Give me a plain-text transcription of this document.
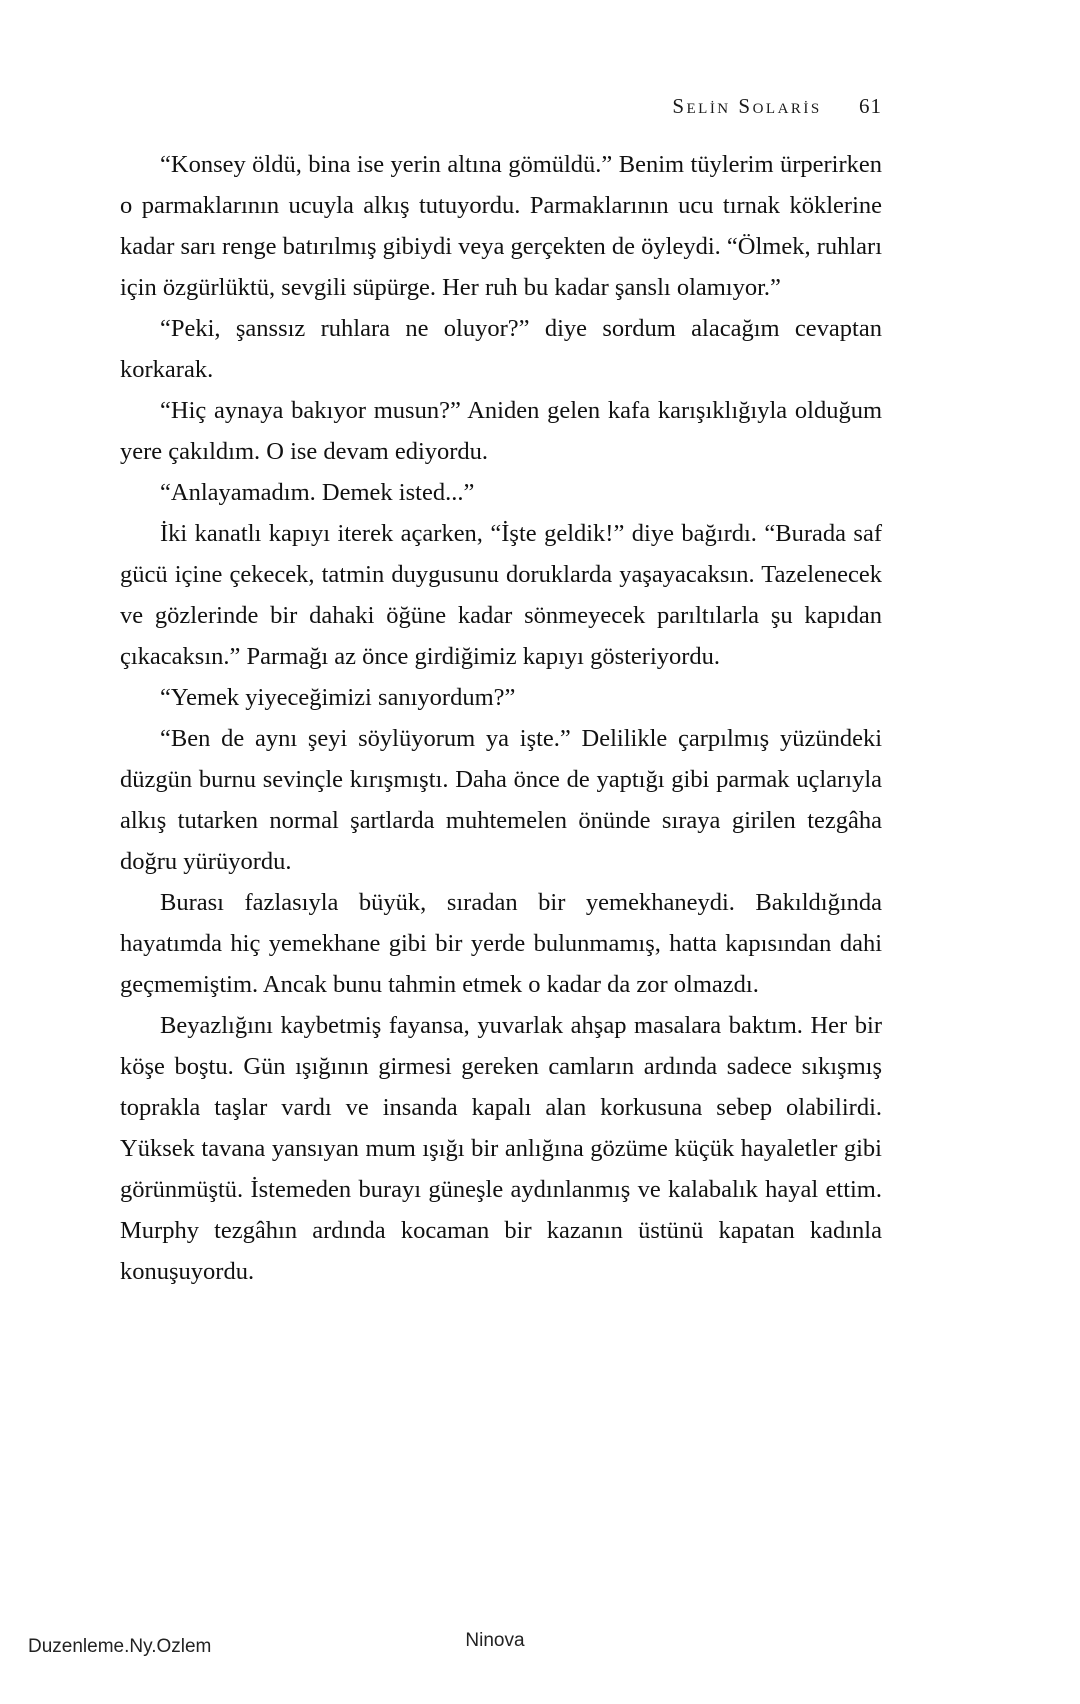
Selin Solaris 61

“Konsey öldü, bina ise yerin altına gömüldü.” Benim tüylerim ürperirken o parmaklarının ucuyla alkış tutuyordu. Parmaklarının ucu tırnak köklerine kadar sarı renge batırılmış gibiydi veya gerçekten de öyleydi. “Ölmek, ruhları için özgürlüktü, sevgili süpürge. Her ruh bu kadar şanslı olamıyor.”

“Peki, şanssız ruhlara ne oluyor?” diye sordum alacağım cevaptan korkarak.

“Hiç aynaya bakıyor musun?” Aniden gelen kafa karışıklığıyla olduğum yere çakıldım. O ise devam ediyordu.

“Anlayamadım. Demek isted...”

İki kanatlı kapıyı iterek açarken, “İşte geldik!” diye bağırdı. “Burada saf gücü içine çekecek, tatmin duygusunu doruklarda yaşayacaksın. Tazelenecek ve gözlerinde bir dahaki öğüne kadar sönmeyecek parıltılarla şu kapıdan çıkacaksın.” Parmağı az önce girdiğimiz kapıyı gösteriyordu.

“Yemek yiyeceğimizi sanıyordum?”

“Ben de aynı şeyi söylüyorum ya işte.” Delilikle çarpılmış yüzündeki düzgün burnu sevinçle kırışmıştı. Daha önce de yaptığı gibi parmak uçlarıyla alkış tutarken normal şartlarda muhtemelen önünde sıraya girilen tezgâha doğru yürüyordu.

Burası fazlasıyla büyük, sıradan bir yemekhaneydi. Bakıldığında hayatımda hiç yemekhane gibi bir yerde bulunmamış, hatta kapısından dahi geçmemiştim. Ancak bunu tahmin etmek o kadar da zor olmazdı.

Beyazlığını kaybetmiş fayansa, yuvarlak ahşap masalara baktım. Her bir köşe boştu. Gün ışığının girmesi gereken camların ardında sadece sıkışmış toprakla taşlar vardı ve insanda kapalı alan korkusuna sebep olabilirdi. Yüksek tavana yansıyan mum ışığı bir anlığına gözüme küçük hayaletler gibi görünmüştü. İstemeden burayı güneşle aydınlanmış ve kalabalık hayal ettim. Murphy tezgâhın ardında kocaman bir kazanın üstünü kapatan kadınla konuşuyordu.

Duzenleme.Ny.Ozlem	Ninova
